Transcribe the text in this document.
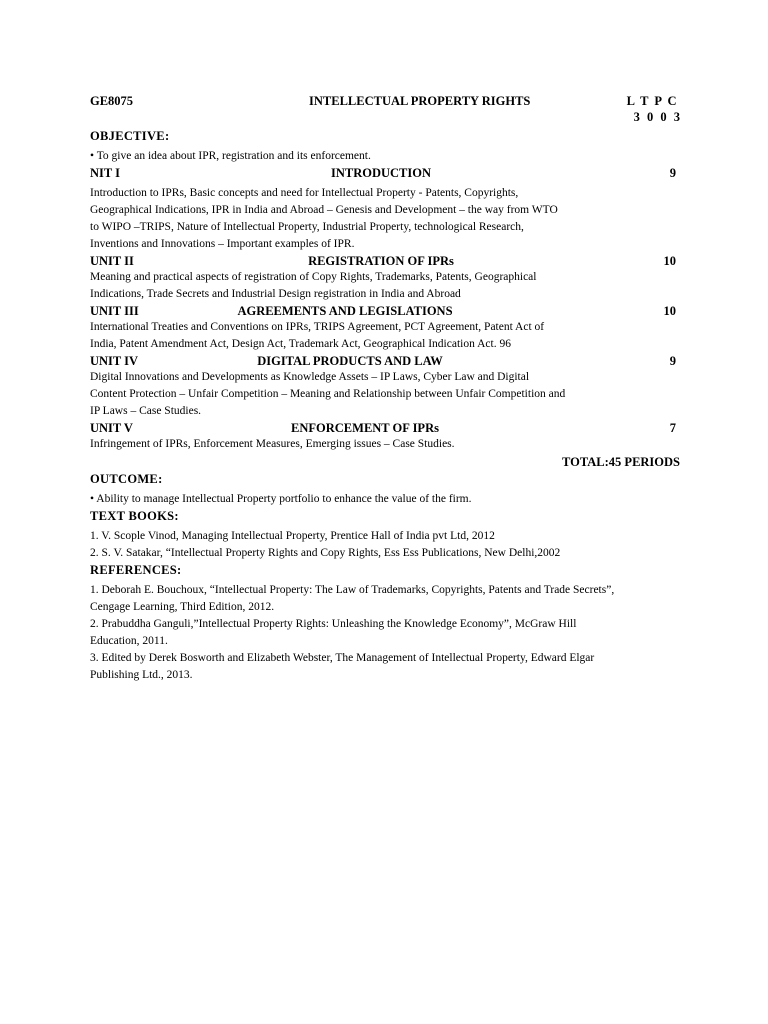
GE8075	INTELLECTUAL PROPERTY RIGHTS	L T P C
3 0 0 3
OBJECTIVE:
• To give an idea about IPR, registration and its enforcement.
NIT I	INTRODUCTION	9
Introduction to IPRs, Basic concepts and need for Intellectual Property - Patents, Copyrights,
Geographical Indications, IPR in India and Abroad – Genesis and Development – the way from WTO
to WIPO –TRIPS, Nature of Intellectual Property, Industrial Property, technological Research,
Inventions and Innovations – Important examples of IPR.
UNIT II	REGISTRATION OF IPRs	10
Meaning and practical aspects of registration of Copy Rights, Trademarks, Patents, Geographical
Indications, Trade Secrets and Industrial Design registration in India and Abroad
UNIT III	AGREEMENTS AND LEGISLATIONS	10
International Treaties and Conventions on IPRs, TRIPS Agreement, PCT Agreement, Patent Act of
India, Patent Amendment Act, Design Act, Trademark Act, Geographical Indication Act. 96
UNIT IV	DIGITAL PRODUCTS AND LAW	9
Digital Innovations and Developments as Knowledge Assets – IP Laws, Cyber Law and Digital
Content Protection – Unfair Competition – Meaning and Relationship between Unfair Competition and
IP Laws – Case Studies.
UNIT V	ENFORCEMENT OF IPRs	7
Infringement of IPRs, Enforcement Measures, Emerging issues – Case Studies.
TOTAL:45 PERIODS
OUTCOME:
• Ability to manage Intellectual Property portfolio to enhance the value of the firm.
TEXT BOOKS:
1. V. Scople Vinod, Managing Intellectual Property, Prentice Hall of India pvt Ltd, 2012
2. S. V. Satakar, “Intellectual Property Rights and Copy Rights, Ess Ess Publications, New Delhi,2002
REFERENCES:
1. Deborah E. Bouchoux, “Intellectual Property: The Law of Trademarks, Copyrights, Patents and Trade Secrets”,
Cengage Learning, Third Edition, 2012.
2. Prabuddha Ganguli,”Intellectual Property Rights: Unleashing the Knowledge Economy”, McGraw Hill
Education, 2011.
3. Edited by Derek Bosworth and Elizabeth Webster, The Management of Intellectual Property, Edward Elgar
Publishing Ltd., 2013.
